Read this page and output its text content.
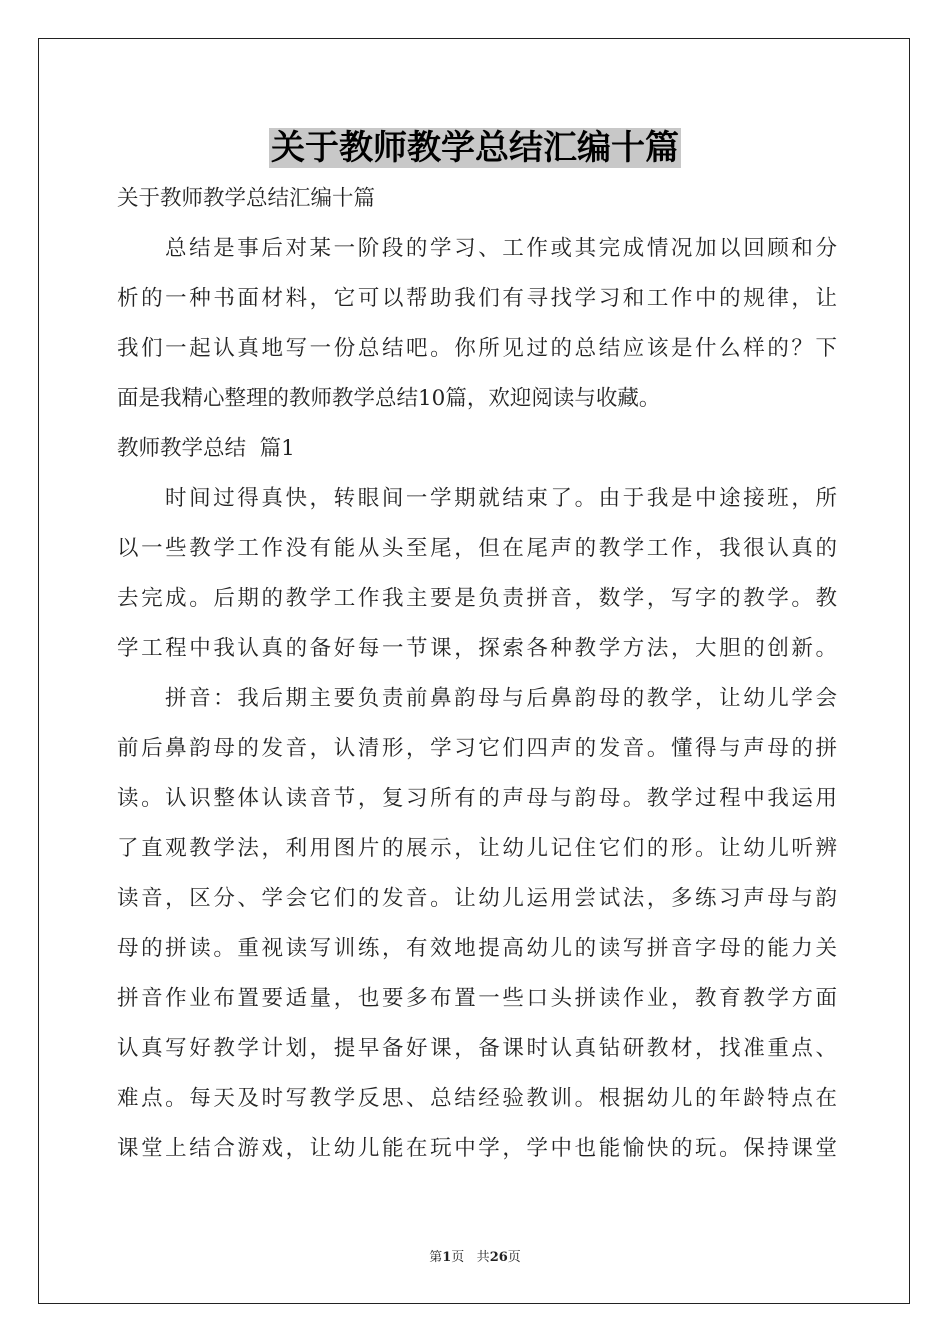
关于教师教学总结汇编十篇
关于教师教学总结汇编十篇
总结是事后对某一阶段的学习、工作或其完成情况加以回顾和分
析的一种书面材料，它可以帮助我们有寻找学习和工作中的规律，让
我们一起认真地写一份总结吧。你所见过的总结应该是什么样的？下
面是我精心整理的教师教学总结10篇，欢迎阅读与收藏。
教师教学总结  篇1
时间过得真快，转眼间一学期就结束了。由于我是中途接班，所
以一些教学工作没有能从头至尾，但在尾声的教学工作，我很认真的
去完成。后期的教学工作我主要是负责拼音，数学，写字的教学。教
学工程中我认真的备好每一节课，探索各种教学方法，大胆的创新。
拼音：我后期主要负责前鼻韵母与后鼻韵母的教学，让幼儿学会
前后鼻韵母的发音，认清形，学习它们四声的发音。懂得与声母的拼
读。认识整体认读音节，复习所有的声母与韵母。教学过程中我运用
了直观教学法，利用图片的展示，让幼儿记住它们的形。让幼儿听辨
读音，区分、学会它们的发音。让幼儿运用尝试法，多练习声母与韵
母的拼读。重视读写训练，有效地提高幼儿的读写拼音字母的能力关
拼音作业布置要适量，也要多布置一些口头拼读作业，教育教学方面
认真写好教学计划，提早备好课，备课时认真钻研教材，找准重点、
难点。每天及时写教学反思、总结经验教训。根据幼儿的年龄特点在
课堂上结合游戏，让幼儿能在玩中学，学中也能愉快的玩。保持课堂
第1页 共26页
